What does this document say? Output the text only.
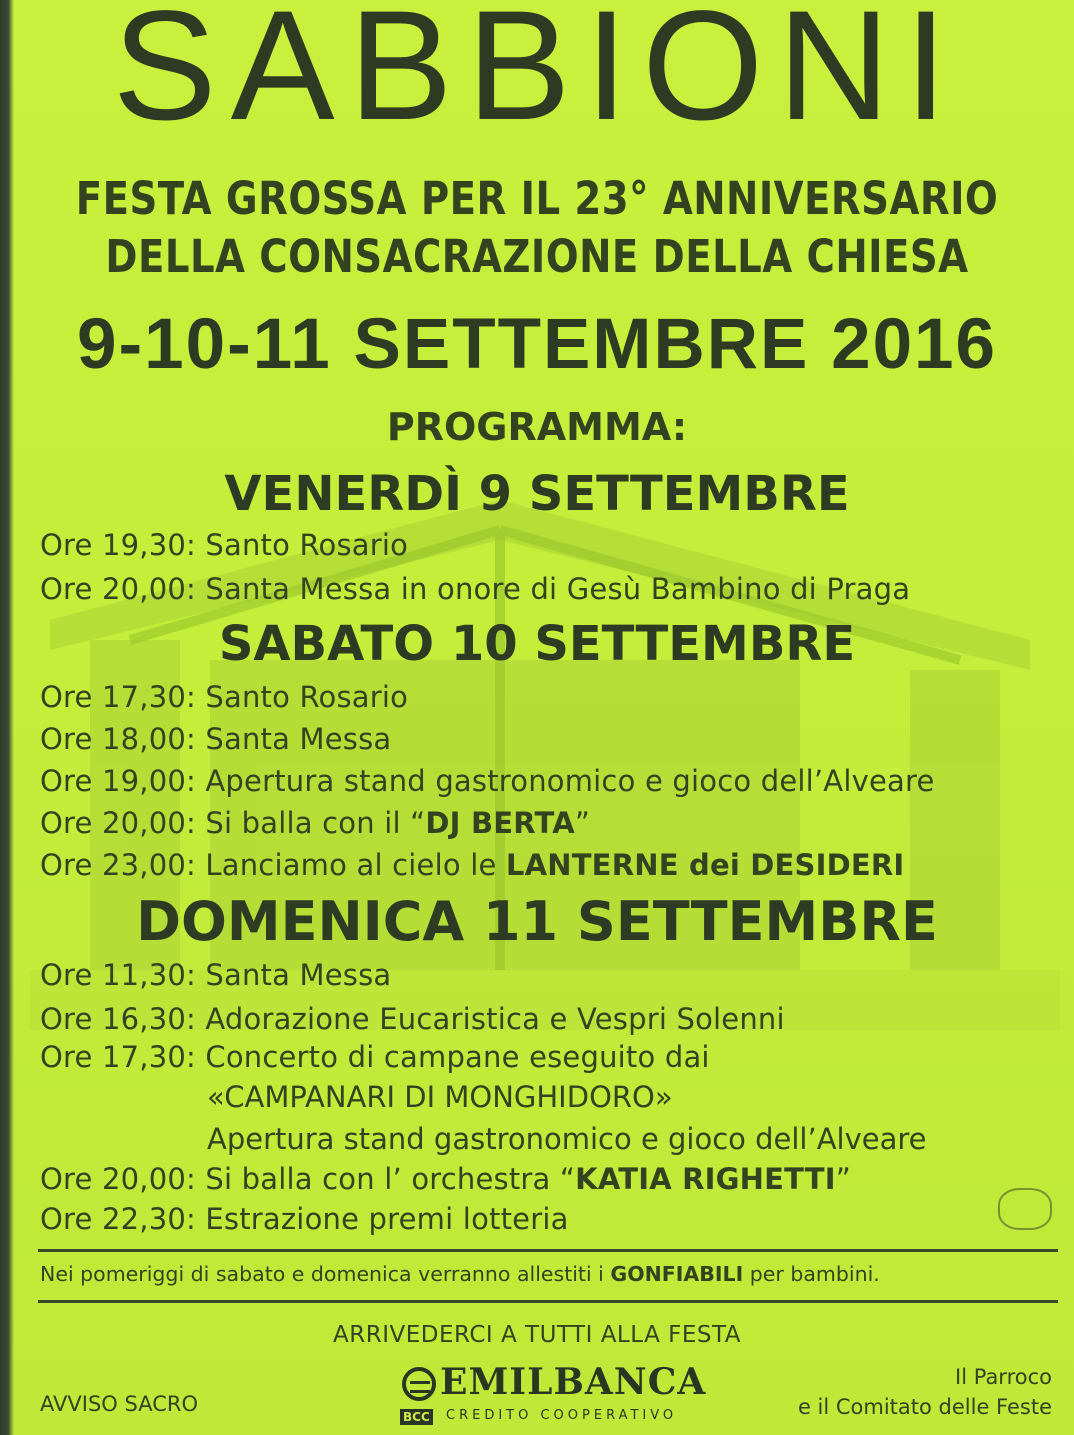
SABBIONI
FESTA GROSSA PER IL 23° ANNIVERSARIO
DELLA CONSACRAZIONE DELLA CHIESA
9-10-11 SETTEMBRE 2016
PROGRAMMA:
VENERDÌ 9 SETTEMBRE
Ore 19,30: Santo Rosario
Ore 20,00: Santa Messa in onore di Gesù Bambino di Praga
SABATO 10 SETTEMBRE
Ore 17,30: Santo Rosario
Ore 18,00: Santa Messa
Ore 19,00: Apertura stand gastronomico e gioco dell’Alveare
Ore 20,00: Si balla con il “DJ BERTA”
Ore 23,00: Lanciamo al cielo le LANTERNE dei DESIDERI
DOMENICA 11 SETTEMBRE
Ore 11,30: Santa Messa
Ore 16,30: Adorazione Eucaristica e Vespri Solenni
Ore 17,30: Concerto di campane eseguito dai
«CAMPANARI DI MONGHIDORO»
Apertura stand gastronomico e gioco dell’Alveare
Ore 20,00: Si balla con l’ orchestra “KATIA RIGHETTI”
Ore 22,30: Estrazione premi lotteria
Nei pomeriggi di sabato e domenica verranno allestiti i GONFIABILI per bambini.
ARRIVEDERCI A TUTTI ALLA FESTA
AVVISO SACRO
EMILBANCA
BCC CREDITO COOPERATIVO
Il Parroco
e il Comitato delle Feste
